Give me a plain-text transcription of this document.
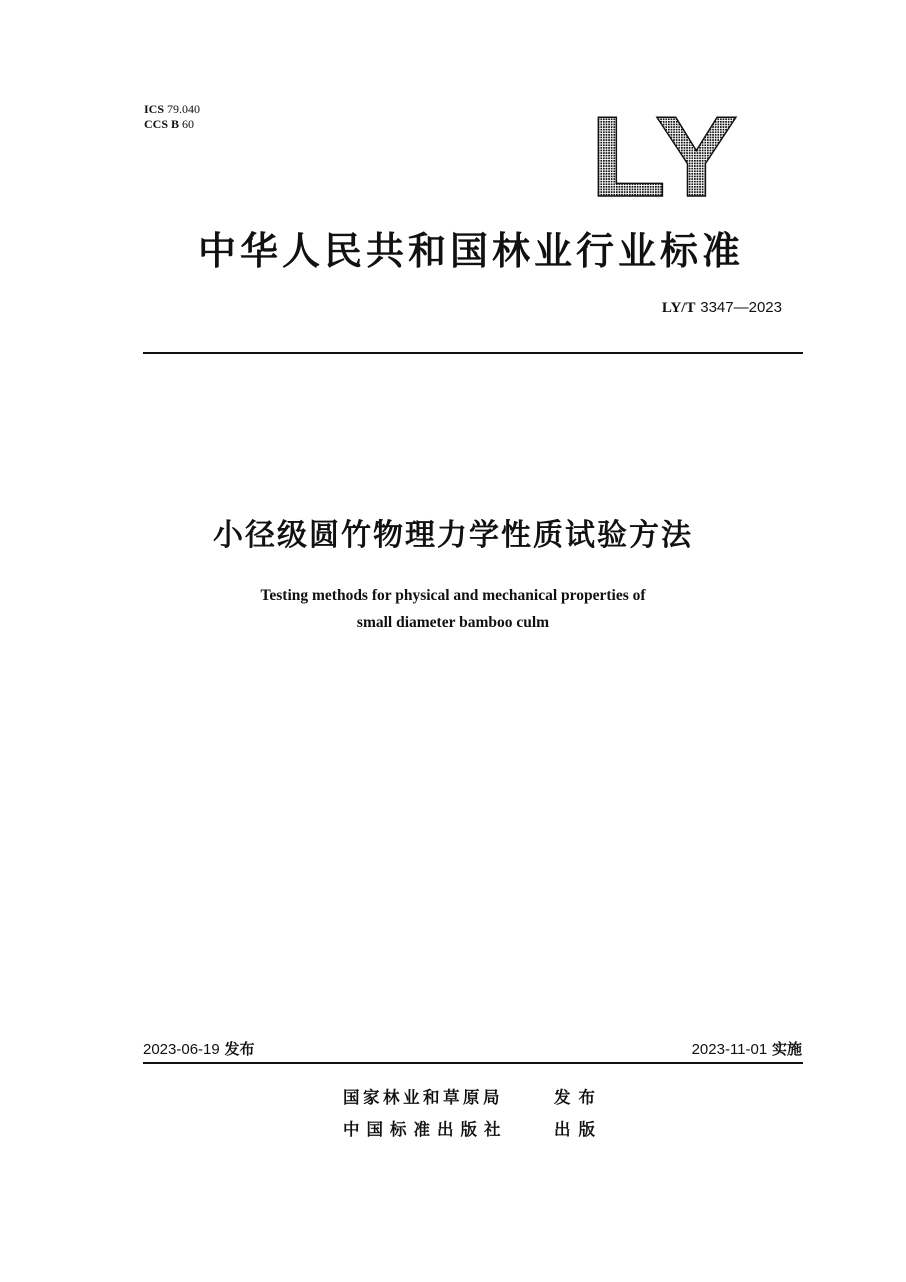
ICS 79.040
CCS B 60	LY
中华人民共和国林业行业标准
LY/T 3347—2023
小径级圆竹物理力学性质试验方法
Testing methods for physical and mechanical properties of
small diameter bamboo culm
2023-06-19 发布	2023-11-01 实施
国家林业和草原局	发布
中国标准出版社	出版
